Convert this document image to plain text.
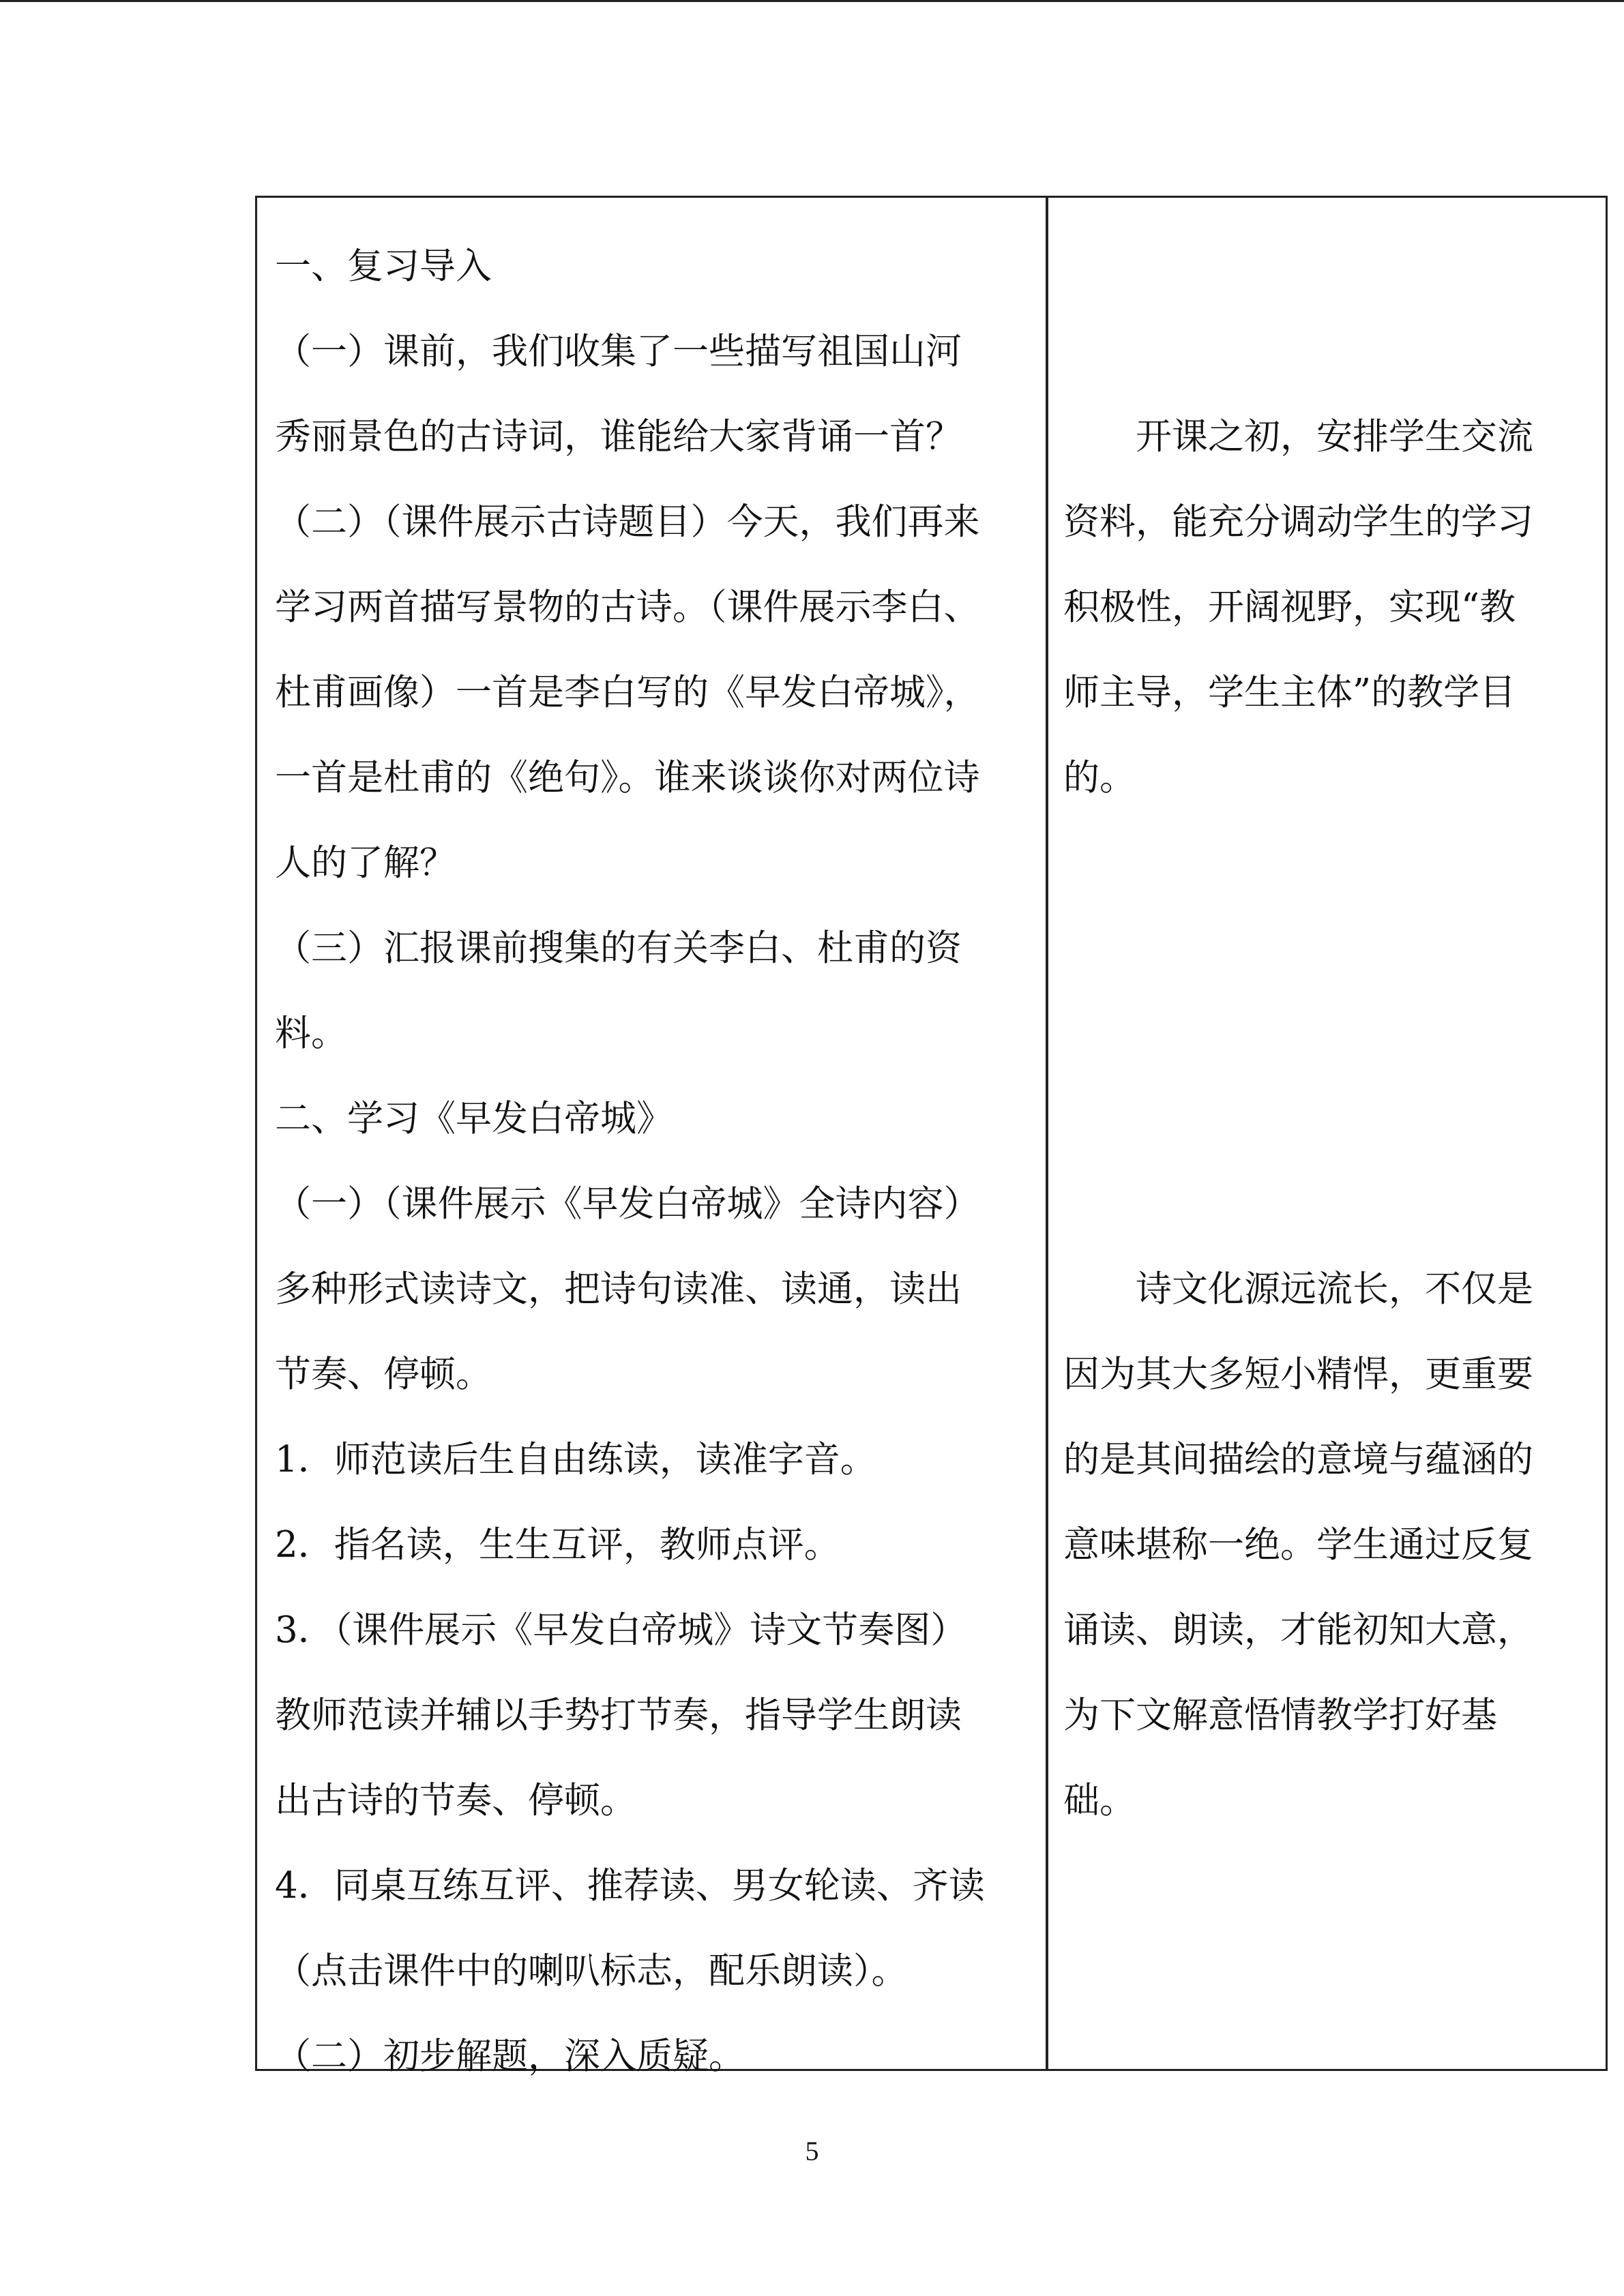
一、复习导入
（一）课前，我们收集了一些描写祖国山河
秀丽景色的古诗词，谁能给大家背诵一首？
（二）（课件展示古诗题目）今天，我们再来
学习两首描写景物的古诗。（课件展示李白、
杜甫画像）一首是李白写的《早发白帝城》，
一首是杜甫的《绝句》。谁来谈谈你对两位诗
人的了解？
（三）汇报课前搜集的有关李白、杜甫的资
料。
二、学习《早发白帝城》
（一）（课件展示《早发白帝城》全诗内容）
多种形式读诗文，把诗句读准、读通，读出
节奏、停顿。
1．师范读后生自由练读，读准字音。
2．指名读，生生互评，教师点评。
3．（课件展示《早发白帝城》诗文节奏图）
教师范读并辅以手势打节奏，指导学生朗读
出古诗的节奏、停顿。
4．同桌互练互评、推荐读、男女轮读、齐读
（点击课件中的喇叭标志，配乐朗读）。
（二）初步解题，深入质疑。
开课之初，安排学生交流
资料，能充分调动学生的学习
积极性，开阔视野，实现“教
师主导，学生主体”的教学目
的。
诗文化源远流长，不仅是
因为其大多短小精悍，更重要
的是其间描绘的意境与蕴涵的
意味堪称一绝。学生通过反复
诵读、朗读，才能初知大意，
为下文解意悟情教学打好基
础。
5
